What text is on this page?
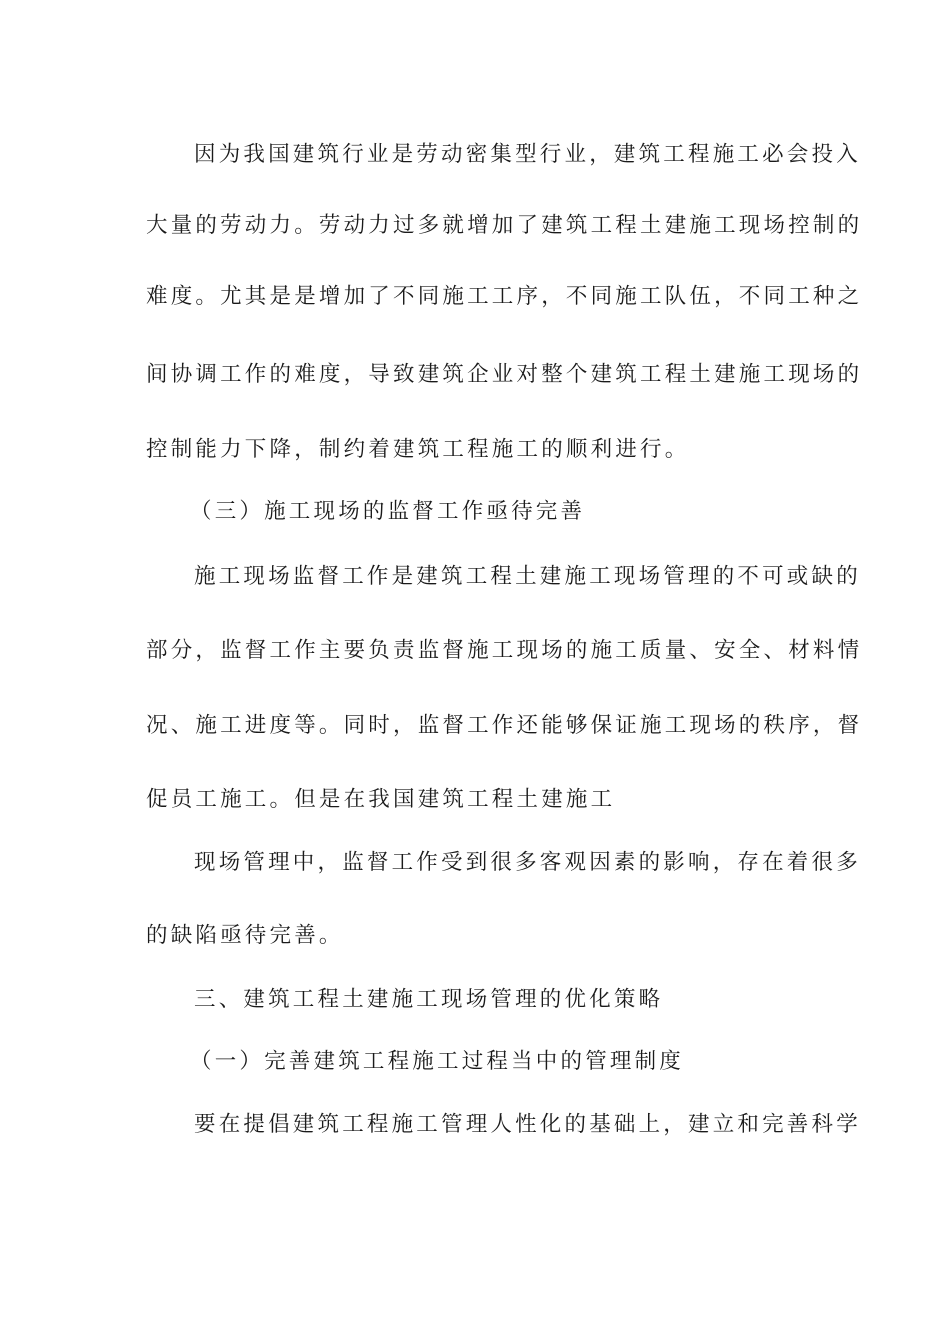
因为我国建筑行业是劳动密集型行业，建筑工程施工必会投入
大量的劳动力。劳动力过多就增加了建筑工程土建施工现场控制的
难度。尤其是是增加了不同施工工序，不同施工队伍，不同工种之
间协调工作的难度，导致建筑企业对整个建筑工程土建施工现场的
控制能力下降，制约着建筑工程施工的顺利进行。
（三）施工现场的监督工作亟待完善
施工现场监督工作是建筑工程土建施工现场管理的不可或缺的
部分，监督工作主要负责监督施工现场的施工质量、安全、材料情
况、施工进度等。同时，监督工作还能够保证施工现场的秩序，督
促员工施工。但是在我国建筑工程土建施工
现场管理中，监督工作受到很多客观因素的影响，存在着很多
的缺陷亟待完善。
三、建筑工程土建施工现场管理的优化策略
（一）完善建筑工程施工过程当中的管理制度
要在提倡建筑工程施工管理人性化的基础上，建立和完善科学
